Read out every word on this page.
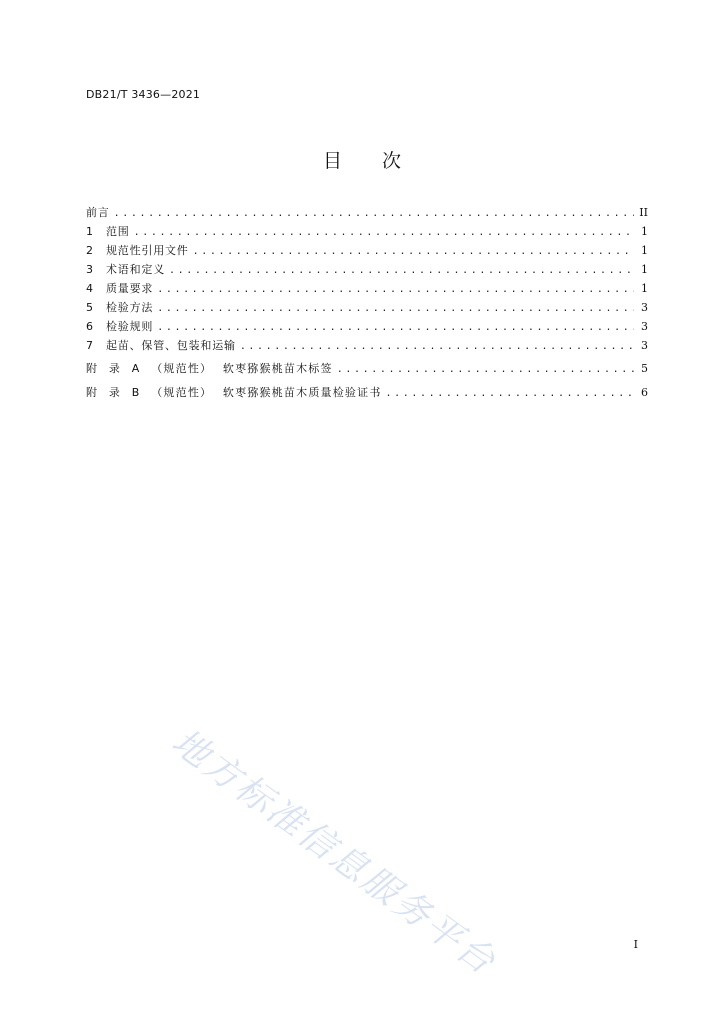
DB21/T 3436—2021
目 次
前言 .....	II
1	范围 .....	1
2	规范性引用文件 .....	1
3	术语和定义 .....	1
4	质量要求 .....	1
5	检验方法 .....	3
6	检验规则 .....	3
7	起苗、保管、包装和运输 .....	3
附 录 A （规范性） 软枣猕猴桃苗木标签 .....	5
附 录 B （规范性） 软枣猕猴桃苗木质量检验证书 .....	6
地方标准信息服务平台	I
